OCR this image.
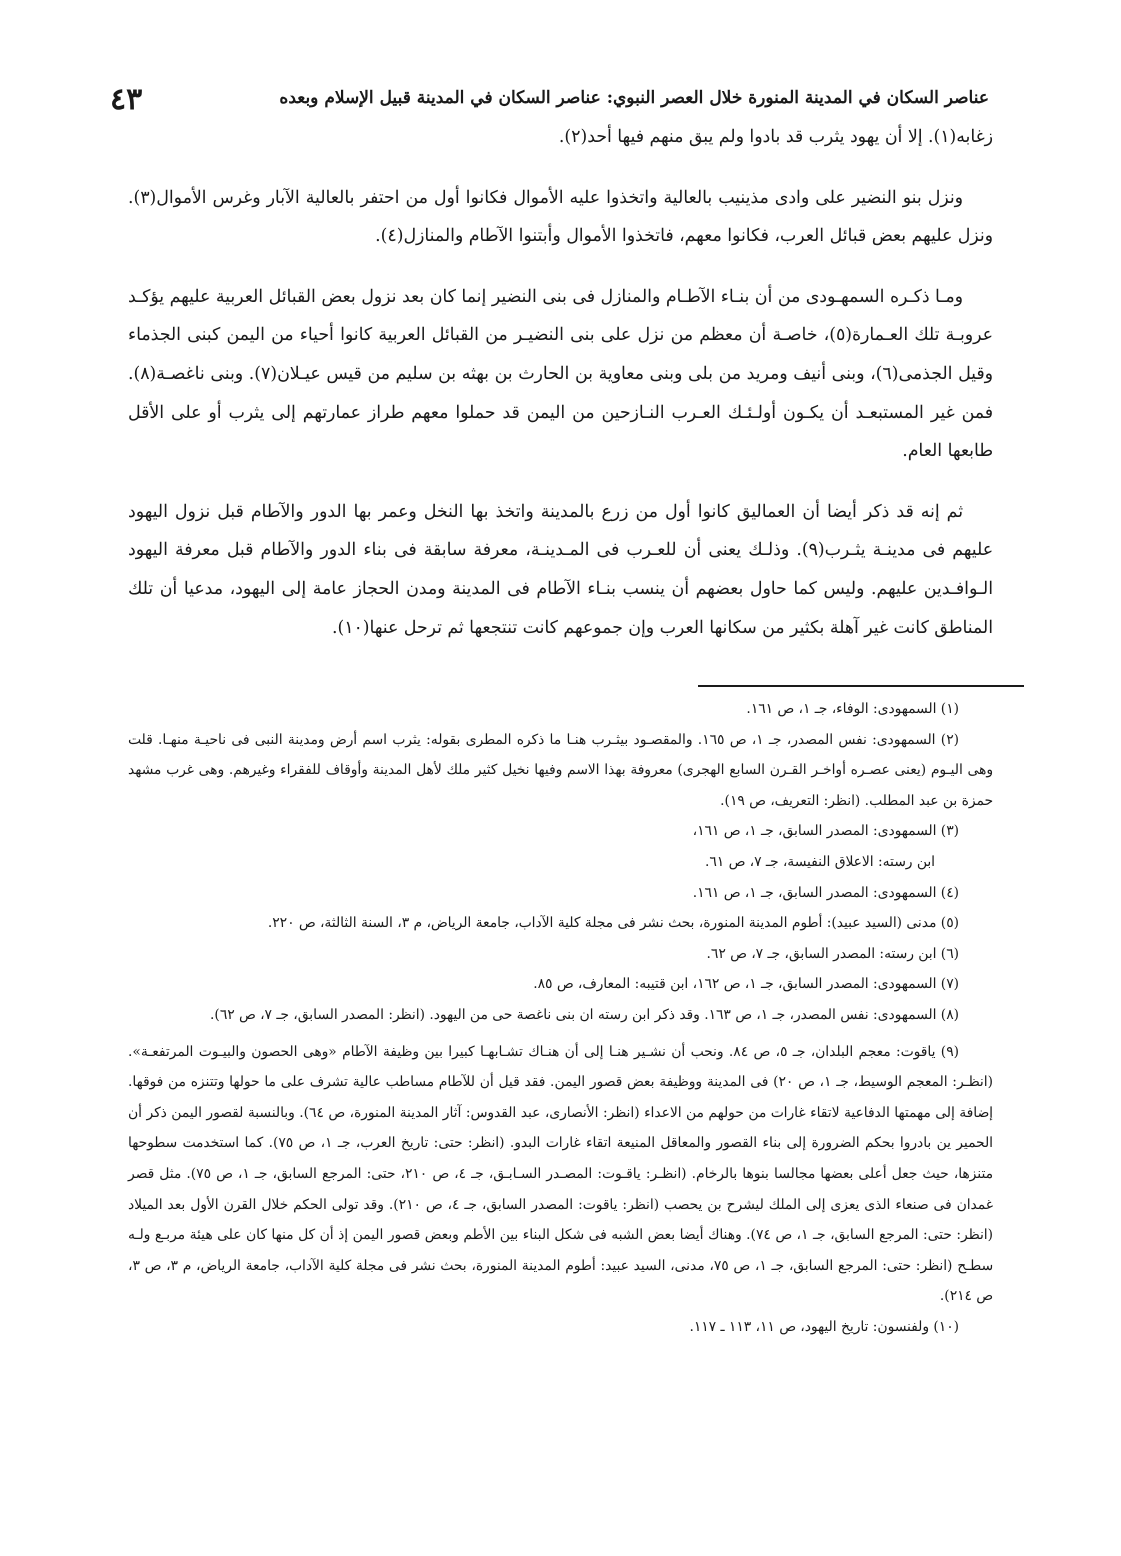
٤٣	عناصر السكان في المدينة المنورة خلال العصر النبوي: عناصر السكان في المدينة قبيل الإسلام وبعده

زغابه(١). إلا أن يهود يثرب قد بادوا ولم يبق منهم فيها أحد(٢).

ونزل بنو النضير على وادى مذينيب بالعالية واتخذوا عليه الأموال فكانوا أول من احتفر بالعالية الآبار وغرس الأموال(٣). ونزل عليهم بعض قبائل العرب، فكانوا معهم، فاتخذوا الأموال وأبتنوا الآطام والمنازل(٤).

ومـا ذكـره السمهـودى من أن بنـاء الآطـام والمنازل فى بنى النضير إنما كان بعد نزول بعض القبائل العربية عليهم يؤكـد عروبـة تلك العـمارة(٥)، خاصـة أن معظم من نزل على بنى النضيـر من القبائل العربية كانوا أحياء من اليمن كبنى الجذماء وقيل الجذمى(٦)، وبنى أنيف ومريد من بلى وبنى معاوية بن الحارث بن بهثه بن سليم من قيس عيـلان(٧). وبنى ناغصـة(٨). فمن غير المستبعـد أن يكـون أولـئـك العـرب النـازحين من اليمن قد حملوا معهم طراز عمارتهم إلى يثرب أو على الأقل طابعها العام.

ثم إنه قد ذكر أيضا أن العماليق كانوا أول من زرع بالمدينة واتخذ بها النخل وعمر بها الدور والآطام قبل نزول اليهود عليهم فى مدينـة يثـرب(٩). وذلـك يعنى أن للعـرب فى المـدينـة، معرفة سابقة فى بناء الدور والآطام قبل معرفة اليهود الـوافـدين عليهم. وليس كما حاول بعضهم أن ينسب بنـاء الآطام فى المدينة ومدن الحجاز عامة إلى اليهود، مدعيا أن تلك المناطق كانت غير آهلة بكثير من سكانها العرب وإن جموعهم كانت تنتجعها ثم ترحل عنها(١٠).

(١) السمهودى: الوفاء، جـ ١، ص ١٦١.

(٢) السمهودى: نفس المصدر، جـ ١، ص ١٦٥. والمقصـود بيثـرب هنـا ما ذكره المطرى بقوله: يثرب اسم أرض ومدينة النبى فى ناحيـة منهـا. قلت وهى اليـوم (يعنى عصـره أواخـر القـرن السابع الهجرى) معروفة بهذا الاسم وفيها نخيل كثير ملك لأهل المدينة وأوقاف للفقراء وغيرهم. وهى غرب مشهد حمزة بن عبد المطلب. (انظر: التعريف، ص ١٩).

(٣) السمهودى: المصدر السابق، جـ ١، ص ١٦١،

ابن رسته: الاعلاق النفيسة، جـ ٧، ص ٦١.

(٤) السمهودى: المصدر السابق، جـ ١، ص ١٦١.

(٥) مدنى (السيد عبيد): أطوم المدينة المنورة، بحث نشر فى مجلة كلية الآداب، جامعة الرياض، م ٣، السنة الثالثة، ص ٢٢٠.

(٦) ابن رسته: المصدر السابق، جـ ٧، ص ٦٢.

(٧) السمهودى: المصدر السابق، جـ ١، ص ١٦٢، ابن قتيبه: المعارف، ص ٨٥.

(٨) السمهودى: نفس المصدر، جـ ١، ص ١٦٣. وقد ذكر ابن رسته ان بنى ناغصة حى من اليهود. (انظر: المصدر السابق، جـ ٧، ص ٦٢).

(٩) ياقوت: معجم البلدان، جـ ٥، ص ٨٤. ونحب أن نشـير هنـا إلى أن هنـاك تشـابهـا كبيرا بين وظيفة الآطام «وهى الحصون والبيـوت المرتفعـة». (انظـر: المعجم الوسيط، جـ ١، ص ٢٠) فى المدينة ووظيفة بعض قصور اليمن. فقد قيل أن للآطام مساطب عالية تشرف على ما حولها وتتنزه من فوقها. إضافة إلى مهمتها الدفاعية لاتقاء غارات من حولهم من الاعداء (انظر: الأنصارى، عبد القدوس: آثار المدينة المنورة، ص ٦٤). وبالنسبة لقصور اليمن ذكر أن الحمير ين بادروا بحكم الضرورة إلى بناء القصور والمعاقل المنيعة اتقاء غارات البدو. (انظر: حتى: تاريخ العرب، جـ ١، ص ٧٥). كما استخدمت سطوحها متنزها، حيث جعل أعلى بعضها مجالسا بنوها بالرخام. (انظـر: ياقـوت: المصـدر السـابـق، جـ ٤، ص ٢١٠، حتى: المرجع السابق، جـ ١، ص ٧٥). مثل قصر غمدان فى صنعاء الذى يعزى إلى الملك ليشرح بن يحصب (انظر: ياقوت: المصدر السابق، جـ ٤، ص ٢١٠). وقد تولى الحكم خلال القرن الأول بعد الميلاد (انظر: حتى: المرجع السابق، جـ ١، ص ٧٤). وهناك أيضا بعض الشبه فى شكل البناء بين الأطم وبعض قصور اليمن إذ أن كل منها كان على هيئة مربـع ولـه سطـح (انظر: حتى: المرجع السابق، جـ ١، ص ٧٥، مدنى، السيد عبيد: أطوم المدينة المنورة، بحث نشر فى مجلة كلية الآداب، جامعة الرياض، م ٣، ص ٣، ص ٢١٤).

(١٠) ولفنسون: تاريخ اليهود، ص ١١، ١١٣ ـ ١١٧.
